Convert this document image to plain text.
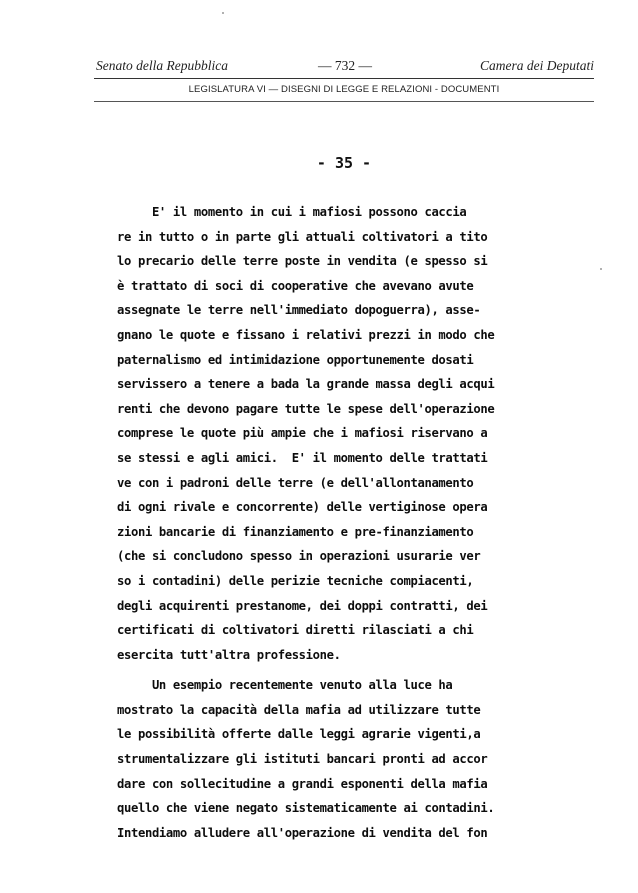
Senato della Repubblica	— 732 —	Camera dei Deputati
LEGISLATURA VI — DISEGNI DI LEGGE E RELAZIONI - DOCUMENTI
- 35 -
E' il momento in cui i mafiosi possono caccia
re in tutto o in parte gli attuali coltivatori a tito
lo precario delle terre poste in vendita (e spesso si
è trattato di soci di cooperative che avevano avute
assegnate le terre nell'immediato dopoguerra), asse-
gnano le quote e fissano i relativi prezzi in modo che
paternalismo ed intimidazione opportunemente dosati
servissero a tenere a bada la grande massa degli acqui
renti che devono pagare tutte le spese dell'operazione
comprese le quote più ampie che i mafiosi riservano a
se stessi e agli amici.  E' il momento delle trattati
ve con i padroni delle terre (e dell'allontanamento
di ogni rivale e concorrente) delle vertiginose opera
zioni bancarie di finanziamento e pre-finanziamento
(che si concludono spesso in operazioni usurarie ver
so i contadini) delle perizie tecniche compiacenti,
degli acquirenti prestanome, dei doppi contratti, dei
certificati di coltivatori diretti rilasciati a chi
esercita tutt'altra professione.
Un esempio recentemente venuto alla luce ha
mostrato la capacità della mafia ad utilizzare tutte
le possibilità offerte dalle leggi agrarie vigenti,a
strumentalizzare gli istituti bancari pronti ad accor
dare con sollecitudine a grandi esponenti della mafia
quello che viene negato sistematicamente ai contadini.
Intendiamo alludere all'operazione di vendita del fon
